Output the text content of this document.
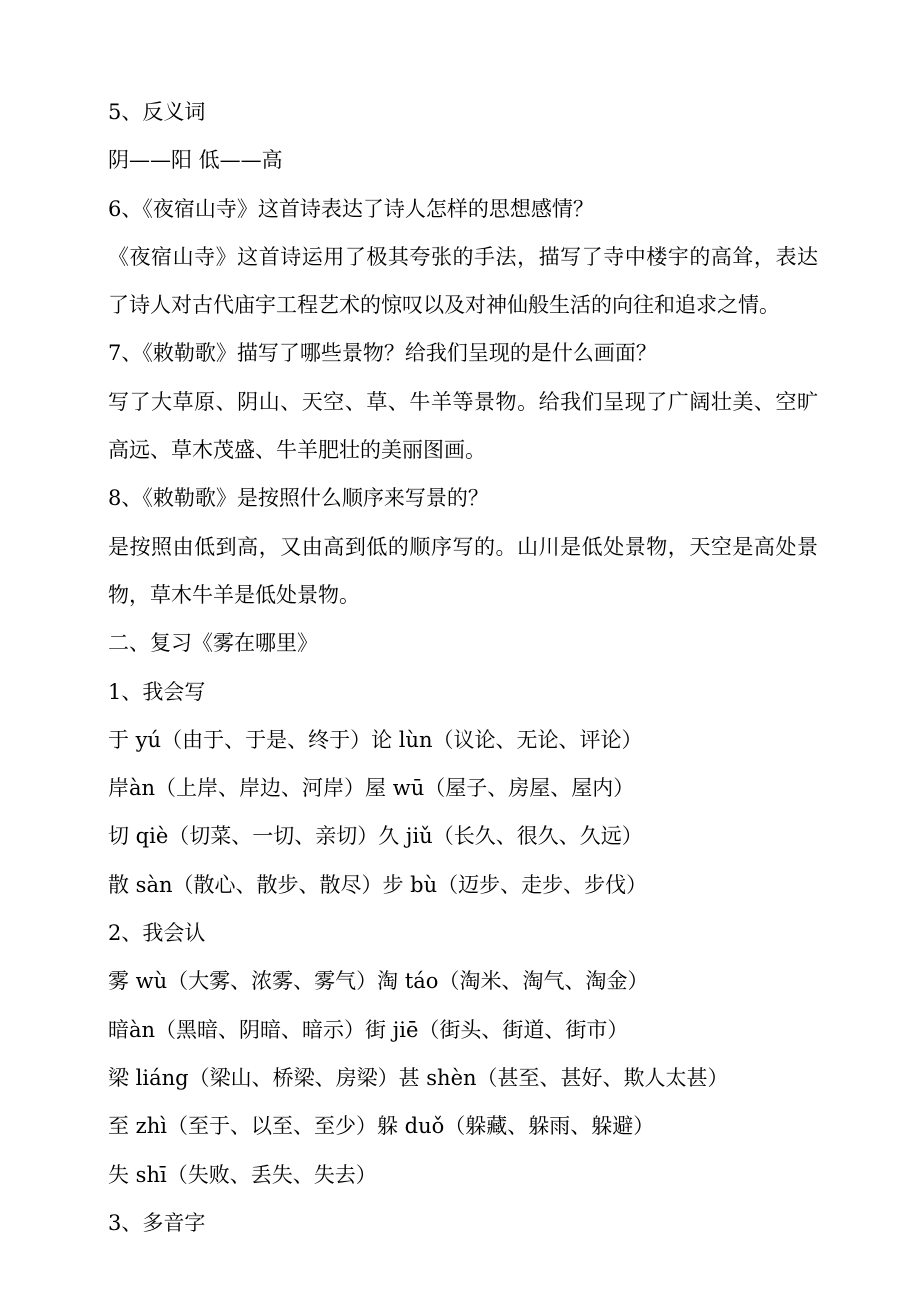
5、反义词
阴——阳 低——高
6、《夜宿山寺》这首诗表达了诗人怎样的思想感情？
《夜宿山寺》这首诗运用了极其夸张的手法，描写了寺中楼宇的高耸，表达
了诗人对古代庙宇工程艺术的惊叹以及对神仙般生活的向往和追求之情。
7、《敕勒歌》描写了哪些景物？给我们呈现的是什么画面？
写了大草原、阴山、天空、草、牛羊等景物。给我们呈现了广阔壮美、空旷
高远、草木茂盛、牛羊肥壮的美丽图画。
8、《敕勒歌》是按照什么顺序来写景的？
是按照由低到高，又由高到低的顺序写的。山川是低处景物，天空是高处景
物，草木牛羊是低处景物。
二、复习《雾在哪里》
1、我会写
于 yú（由于、于是、终于）论 lùn（议论、无论、评论）
岸àn（上岸、岸边、河岸）屋 wū（屋子、房屋、屋内）
切 qiè（切菜、一切、亲切）久 jiǔ（长久、很久、久远）
散 sàn（散心、散步、散尽）步 bù（迈步、走步、步伐）
2、我会认
雾 wù（大雾、浓雾、雾气）淘 táo（淘米、淘气、淘金）
暗àn（黑暗、阴暗、暗示）街 jiē（街头、街道、街市）
梁 liáng（梁山、桥梁、房梁）甚 shèn（甚至、甚好、欺人太甚）
至 zhì（至于、以至、至少）躲 duǒ（躲藏、躲雨、躲避）
失 shī（失败、丢失、失去）
3、多音字
